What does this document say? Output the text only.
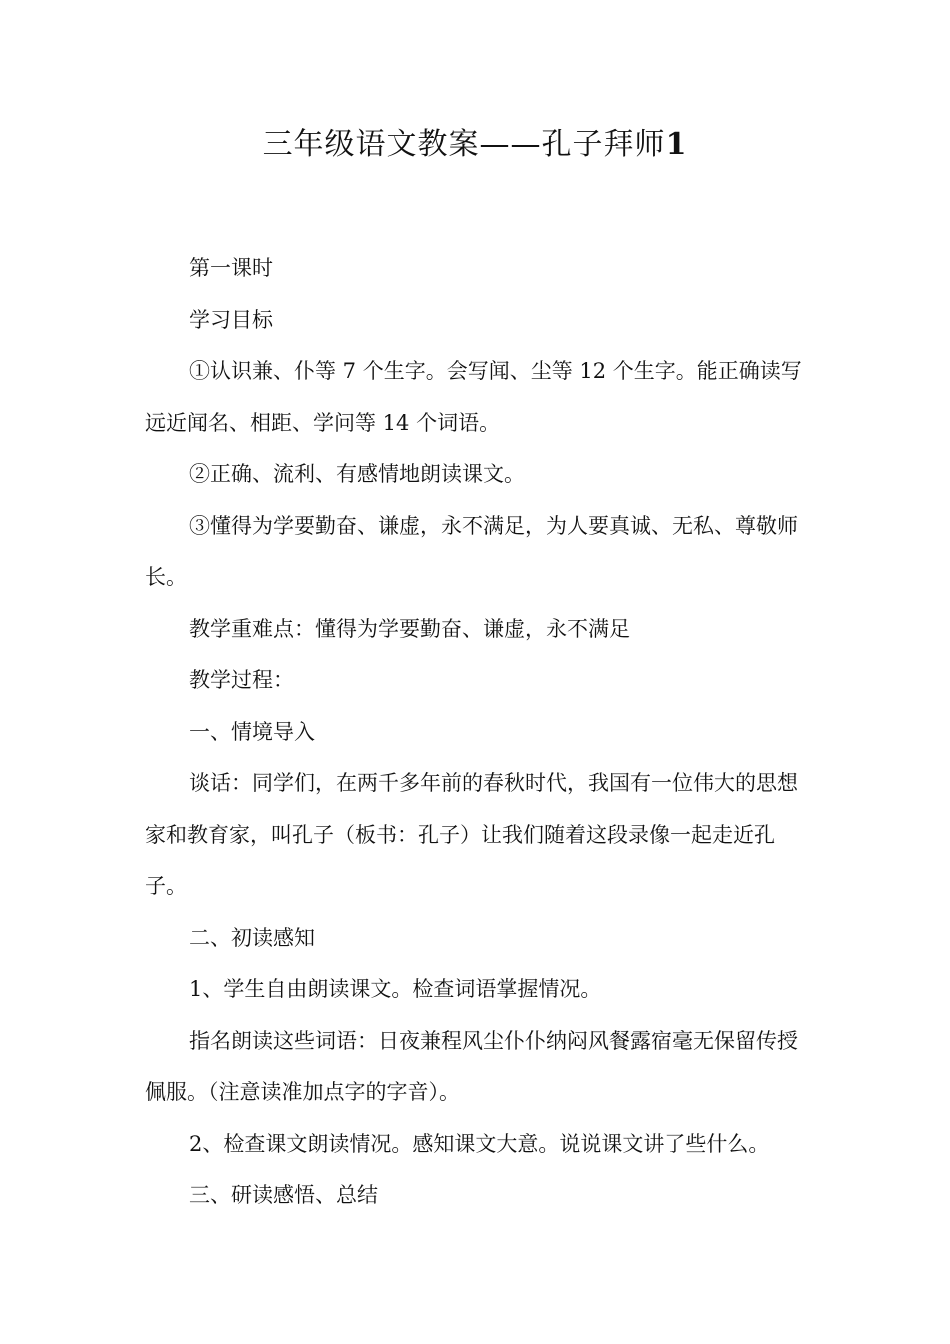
三年级语文教案——孔子拜师1

第一课时

学习目标

①认识兼、仆等 7 个生字。会写闻、尘等 12 个生字。能正确读写远近闻名、相距、学问等 14 个词语。

②正确、流利、有感情地朗读课文。

③懂得为学要勤奋、谦虚，永不满足，为人要真诚、无私、尊敬师长。

教学重难点：懂得为学要勤奋、谦虚，永不满足

教学过程：

一、情境导入

谈话：同学们，在两千多年前的春秋时代，我国有一位伟大的思想家和教育家，叫孔子（板书：孔子）让我们随着这段录像一起走近孔子。

二、初读感知

1、学生自由朗读课文。检查词语掌握情况。

指名朗读这些词语：日夜兼程风尘仆仆纳闷风餐露宿毫无保留传授佩服。（注意读准加点字的字音）。

2、检查课文朗读情况。感知课文大意。说说课文讲了些什么。

三、研读感悟、总结
